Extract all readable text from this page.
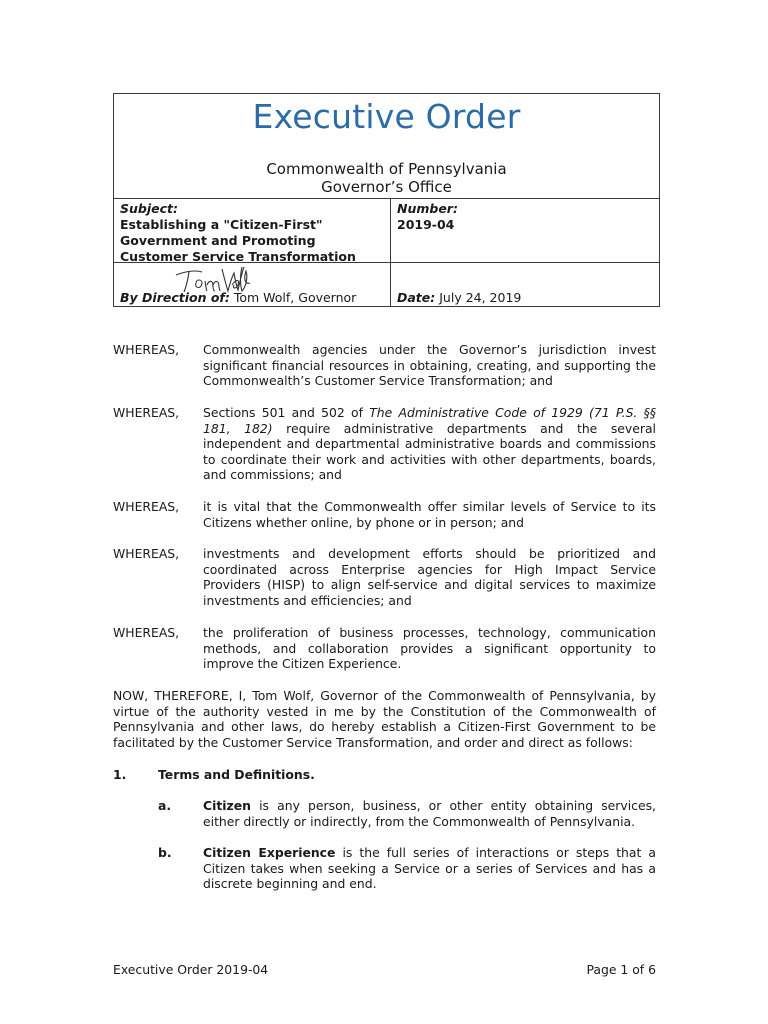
Executive Order
Commonwealth of Pennsylvania
Governor’s Office
Subject:
Establishing a "Citizen-First"
Government and Promoting
Customer Service Transformation
Number:
2019-04
By Direction of: Tom Wolf, Governor	Date: July 24, 2019
WHEREAS, Commonwealth agencies under the Governor’s jurisdiction invest significant financial resources in obtaining, creating, and supporting the Commonwealth’s Customer Service Transformation; and
WHEREAS, Sections 501 and 502 of The Administrative Code of 1929 (71 P.S. §§ 181, 182) require administrative departments and the several independent and departmental administrative boards and commissions to coordinate their work and activities with other departments, boards, and commissions; and
WHEREAS, it is vital that the Commonwealth offer similar levels of Service to its Citizens whether online, by phone or in person; and
WHEREAS, investments and development efforts should be prioritized and coordinated across Enterprise agencies for High Impact Service Providers (HISP) to align self-service and digital services to maximize investments and efficiencies; and
WHEREAS, the proliferation of business processes, technology, communication methods, and collaboration provides a significant opportunity to improve the Citizen Experience.
NOW, THEREFORE, I, Tom Wolf, Governor of the Commonwealth of Pennsylvania, by virtue of the authority vested in me by the Constitution of the Commonwealth of Pennsylvania and other laws, do hereby establish a Citizen-First Government to be facilitated by the Customer Service Transformation, and order and direct as follows:
1.	Terms and Definitions.
a.	Citizen is any person, business, or other entity obtaining services, either directly or indirectly, from the Commonwealth of Pennsylvania.
b.	Citizen Experience is the full series of interactions or steps that a Citizen takes when seeking a Service or a series of Services and has a discrete beginning and end.
Executive Order 2019-04	Page 1 of 6
